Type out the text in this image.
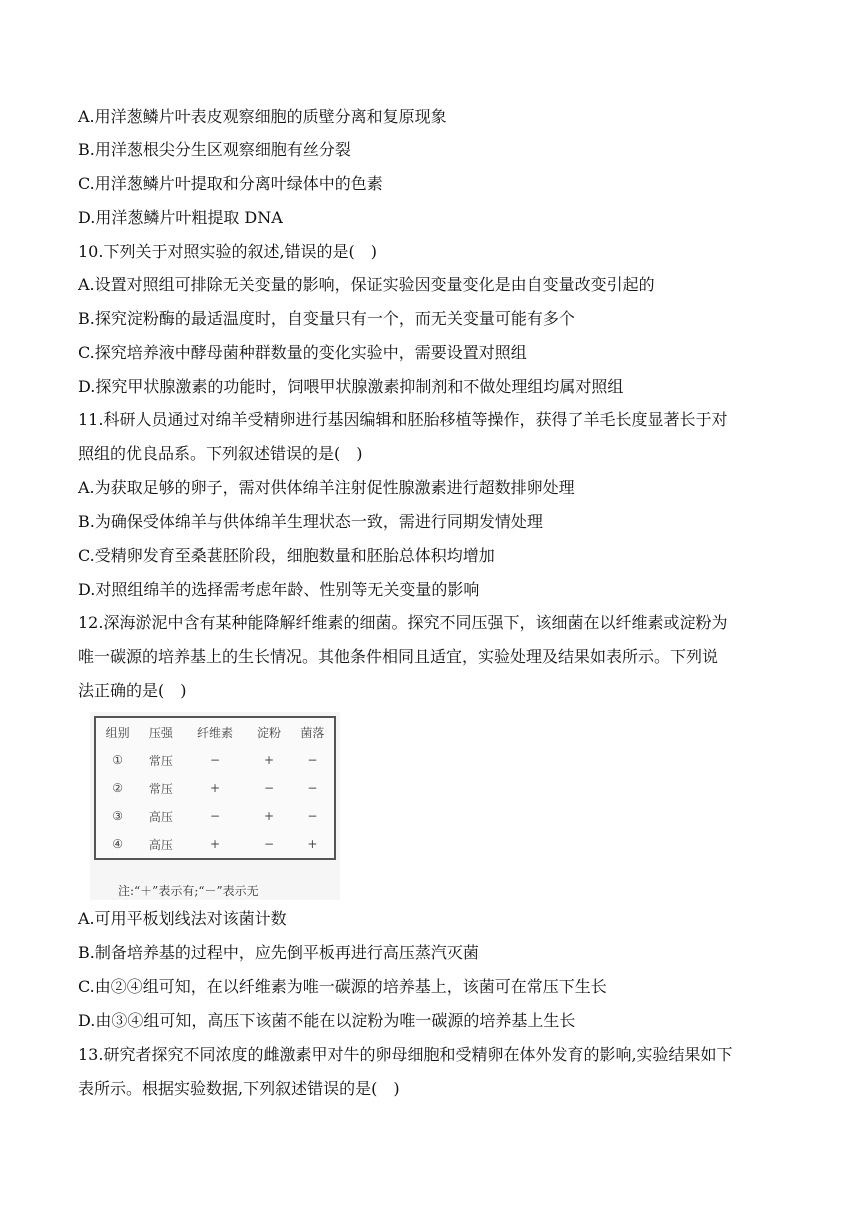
A.用洋葱鳞片叶表皮观察细胞的质壁分离和复原现象
B.用洋葱根尖分生区观察细胞有丝分裂
C.用洋葱鳞片叶提取和分离叶绿体中的色素
D.用洋葱鳞片叶粗提取 DNA
10.下列关于对照实验的叙述,错误的是(　)
A.设置对照组可排除无关变量的影响，保证实验因变量变化是由自变量改变引起的
B.探究淀粉酶的最适温度时，自变量只有一个，而无关变量可能有多个
C.探究培养液中酵母菌种群数量的变化实验中，需要设置对照组
D.探究甲状腺激素的功能时，饲喂甲状腺激素抑制剂和不做处理组均属对照组
11.科研人员通过对绵羊受精卵进行基因编辑和胚胎移植等操作，获得了羊毛长度显著长于对
照组的优良品系。下列叙述错误的是(　)
A.为获取足够的卵子，需对供体绵羊注射促性腺激素进行超数排卵处理
B.为确保受体绵羊与供体绵羊生理状态一致，需进行同期发情处理
C.受精卵发育至桑葚胚阶段，细胞数量和胚胎总体积均增加
D.对照组绵羊的选择需考虑年龄、性别等无关变量的影响
12.深海淤泥中含有某种能降解纤维素的细菌。探究不同压强下，该细菌在以纤维素或淀粉为
唯一碳源的培养基上的生长情况。其他条件相同且适宜，实验处理及结果如表所示。下列说
法正确的是(　)
A.可用平板划线法对该菌计数
B.制备培养基的过程中，应先倒平板再进行高压蒸汽灭菌
C.由②④组可知，在以纤维素为唯一碳源的培养基上，该菌可在常压下生长
D.由③④组可知，高压下该菌不能在以淀粉为唯一碳源的培养基上生长
13.研究者探究不同浓度的雌激素甲对牛的卵母细胞和受精卵在体外发育的影响,实验结果如下
表所示。根据实验数据,下列叙述错误的是(　)
组别	压强	纤维素	淀粉	菌落
①	常压	−	+	−
②	常压	+	−	−
③	高压	−	+	−
④	高压	+	−	+
注:“＋”表示有;“－”表示无
